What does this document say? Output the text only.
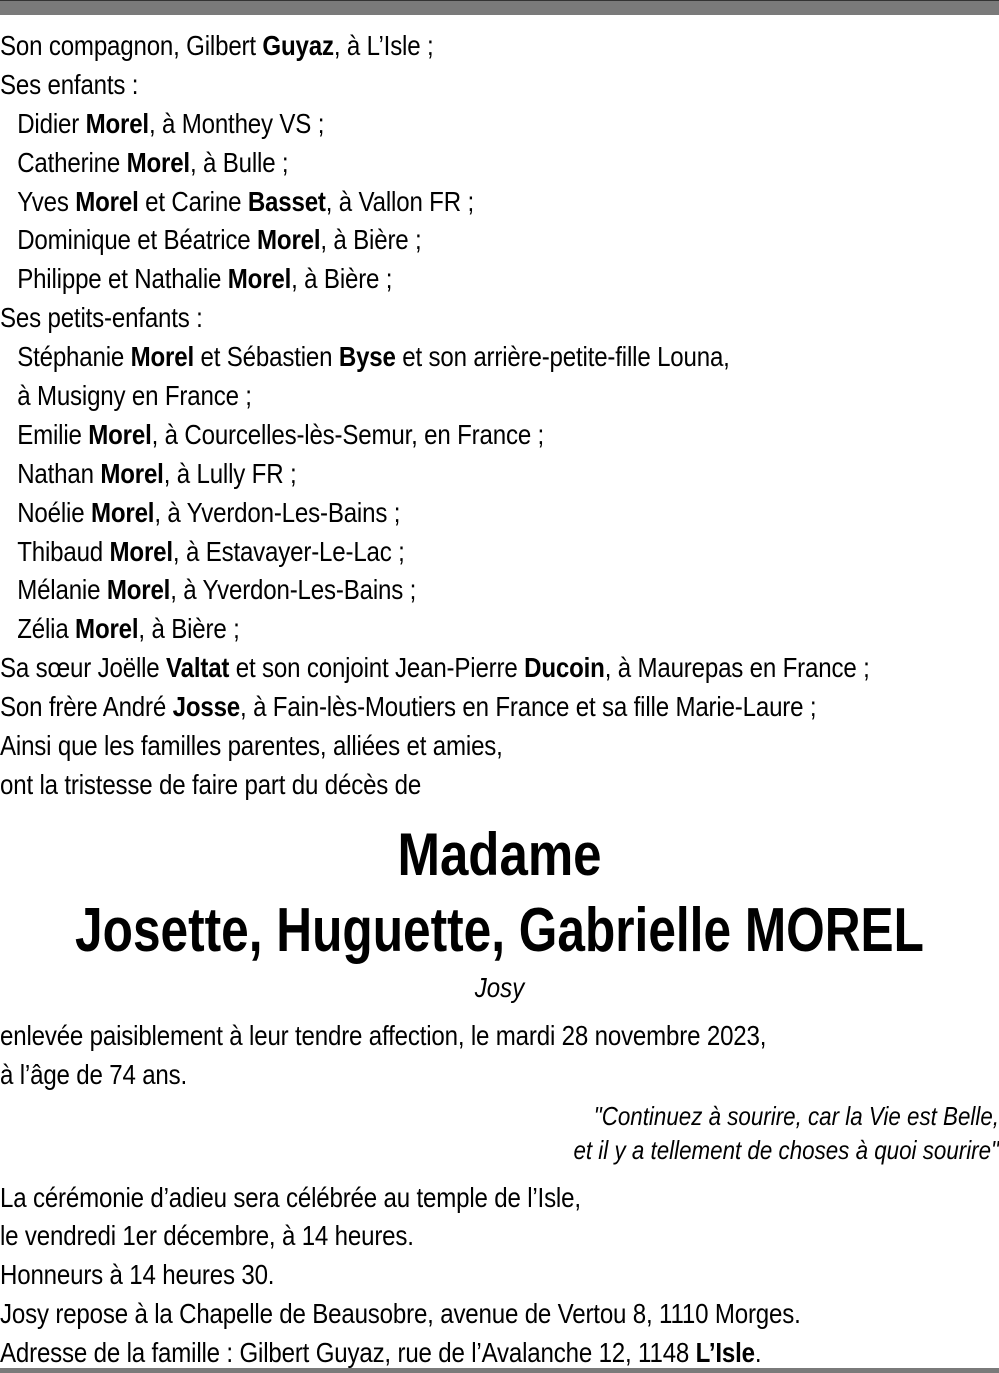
Son compagnon, Gilbert Guyaz, à L’Isle ;
Ses enfants :
Didier Morel, à Monthey VS ;
Catherine Morel, à Bulle ;
Yves Morel et Carine Basset, à Vallon FR ;
Dominique et Béatrice Morel, à Bière ;
Philippe et Nathalie Morel, à Bière ;
Ses petits-enfants :
Stéphanie Morel et Sébastien Byse et son arrière-petite-fille Louna,
à Musigny en France ;
Emilie Morel, à Courcelles-lès-Semur, en France ;
Nathan Morel, à Lully FR ;
Noélie Morel, à Yverdon-Les-Bains ;
Thibaud Morel, à Estavayer-Le-Lac ;
Mélanie Morel, à Yverdon-Les-Bains ;
Zélia Morel, à Bière ;
Sa sœur Joëlle Valtat et son conjoint Jean-Pierre Ducoin, à Maurepas en France ;
Son frère André Josse, à Fain-lès-Moutiers en France et sa fille Marie-Laure ;
Ainsi que les familles parentes, alliées et amies,
ont la tristesse de faire part du décès de
Madame
Josette, Huguette, Gabrielle MOREL
Josy
enlevée paisiblement à leur tendre affection, le mardi 28 novembre 2023,
à l’âge de 74 ans.
"Continuez à sourire, car la Vie est Belle,
et il y a tellement de choses à quoi sourire"
La cérémonie d’adieu sera célébrée au temple de l’Isle,
le vendredi 1er décembre, à 14 heures.
Honneurs à 14 heures 30.
Josy repose à la Chapelle de Beausobre, avenue de Vertou 8, 1110 Morges.
Adresse de la famille : Gilbert Guyaz, rue de l’Avalanche 12, 1148 L’Isle.
